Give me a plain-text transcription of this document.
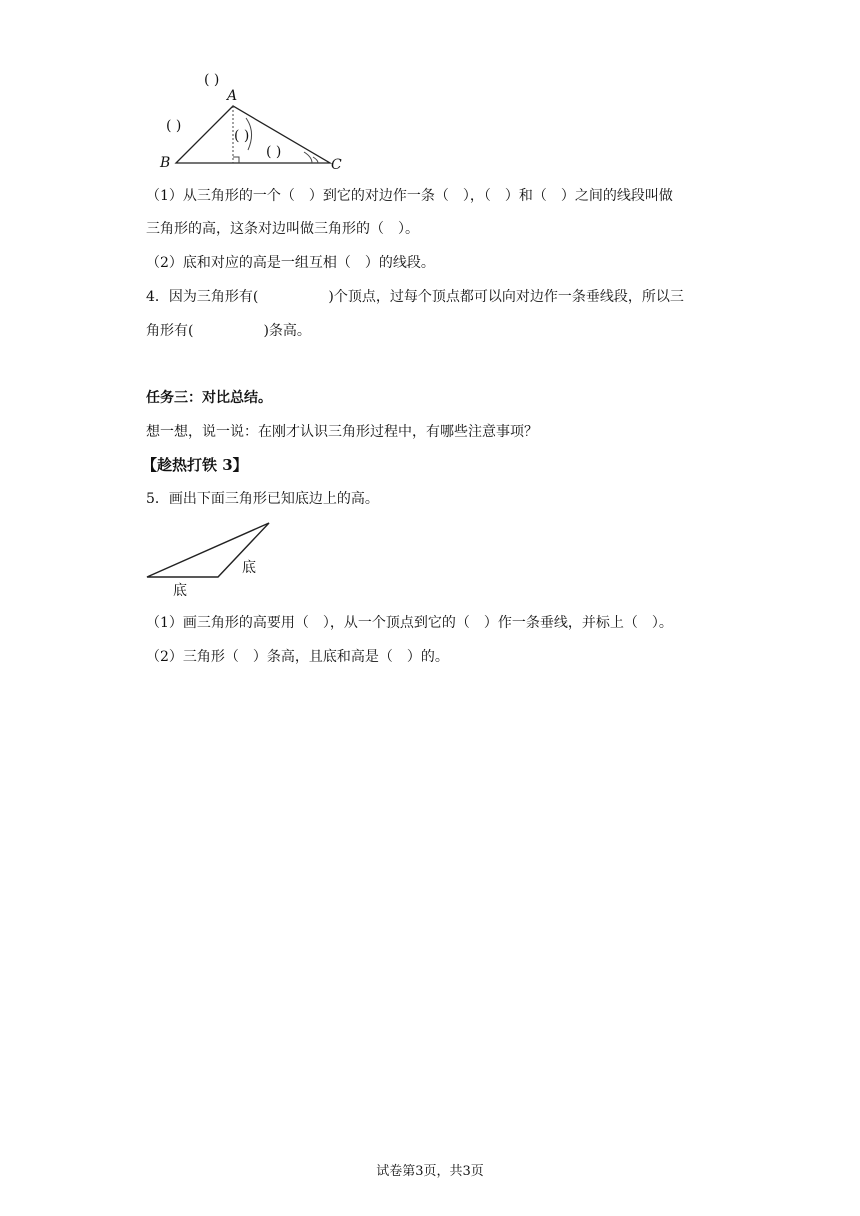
( )
A
( )
( )
( )
B	C
（1）从三角形的一个（　）到它的对边作一条（　），（　）和（　）之间的线段叫做
三角形的高，这条对边叫做三角形的（　）。
（2）底和对应的高是一组互相（　）的线段。
4．因为三角形有(　　　　　)个顶点，过每个顶点都可以向对边作一条垂线段，所以三
角形有(　　　　　)条高。
任务三：对比总结。
想一想，说一说：在刚才认识三角形过程中，有哪些注意事项？
【趁热打铁 3】
5．画出下面三角形已知底边上的高。
底
底
（1）画三角形的高要用（　），从一个顶点到它的（　）作一条垂线，并标上（　）。
（2）三角形（　）条高，且底和高是（　）的。
试卷第3页，共3页
